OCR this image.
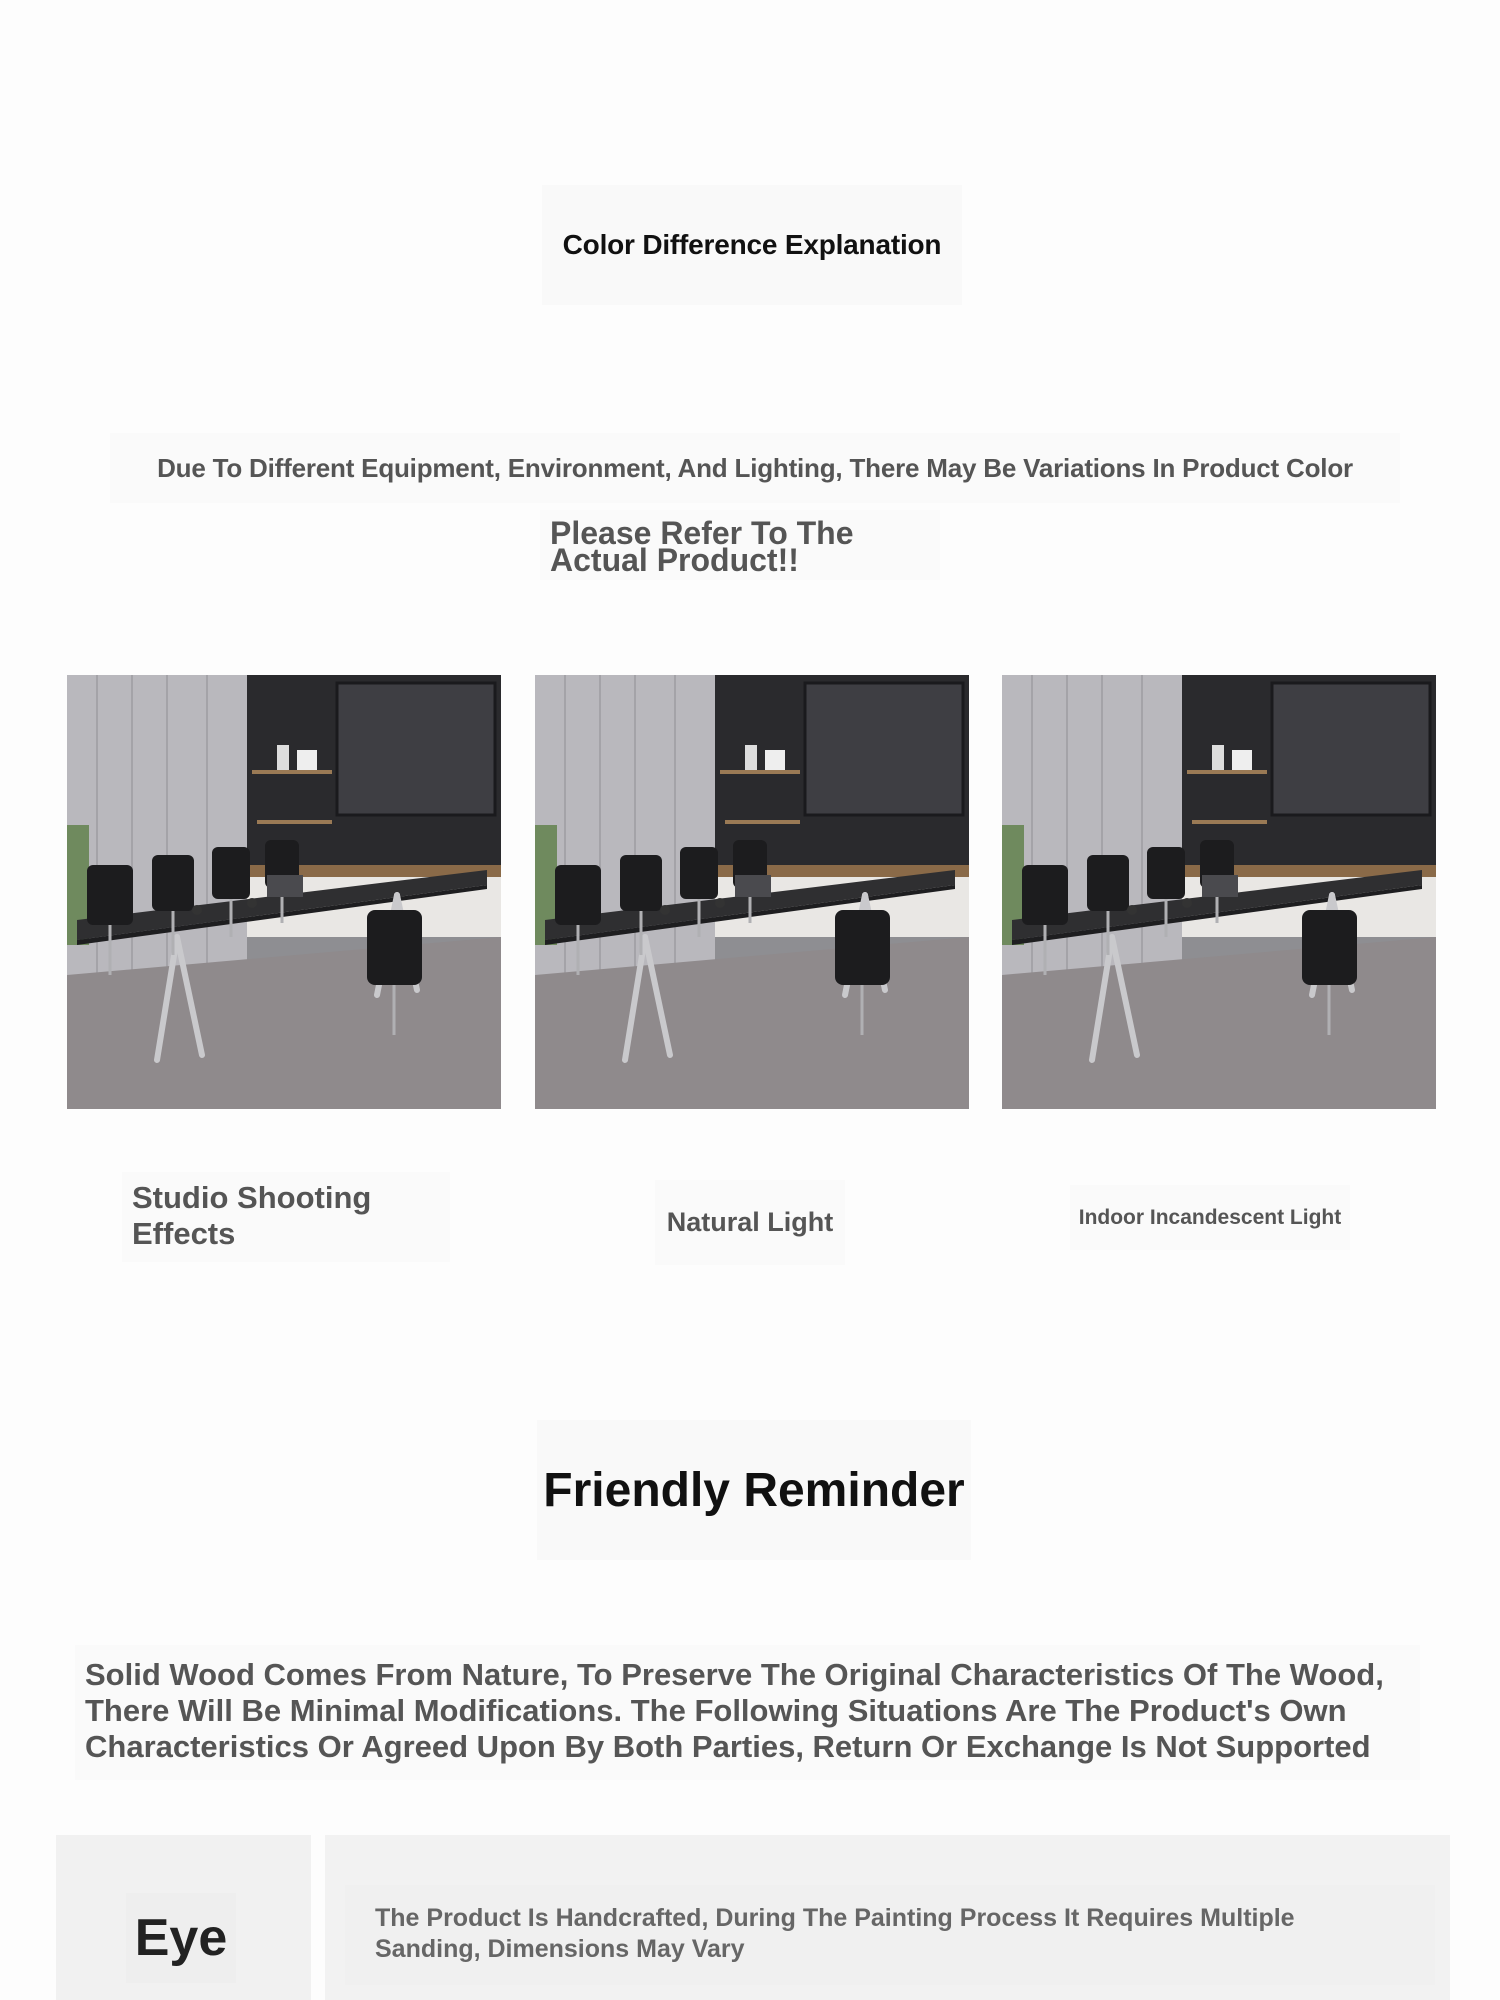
Color Difference Explanation
Due To Different Equipment, Environment, And Lighting, There May Be Variations In Product Color
Please Refer To The Actual Product!!
Studio Shooting Effects	Natural Light	Indoor Incandescent Light
Friendly Reminder
Solid Wood Comes From Nature, To Preserve The Original Characteristics Of The Wood, There Will Be Minimal Modifications. The Following Situations Are The Product's Own Characteristics Or Agreed Upon By Both Parties, Return Or Exchange Is Not Supported
Eye	The Product Is Handcrafted, During The Painting Process It Requires Multiple Sanding, Dimensions May Vary
